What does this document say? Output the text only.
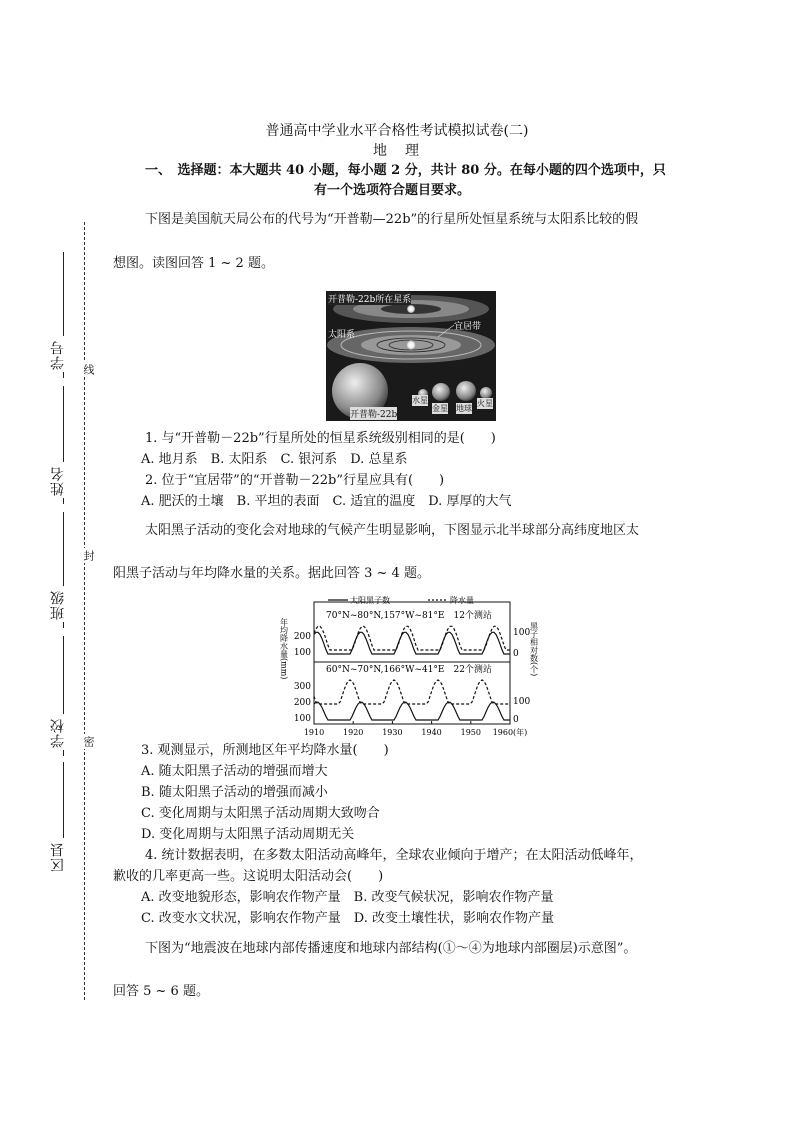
学号
姓名
班级
学校
区县
线
封
密
普通高中学业水平合格性考试模拟试卷(二)
地　理
一、　选择题：本大题共 40 小题，每小题 2 分，共计 80 分。在每小题的四个选项中，只
有一个选项符合题目要求。
下图是美国航天局公布的代号为“开普勒—22b”的行星所处恒星系统与太阳系比较的假
想图。读图回答 1 ~ 2 题。
开普勒-22b所在星系
宜居带
太阳系
开普勒-22b
水星
金星 地球
火星
1. 与“开普勒－22b”行星所处的恒星系统级别相同的是(　　)
A. 地月系　B. 太阳系　C. 银河系　D. 总星系
2. 位于“宜居带”的“开普勒－22b”行星应具有(　　)
A. 肥沃的土壤　B. 平坦的表面　C. 适宜的温度　D. 厚厚的大气
太阳黑子活动的变化会对地球的气候产生明显影响，下图显示北半球部分高纬度地区太
阳黑子活动与年均降水量的关系。据此回答 3 ~ 4 题。
太阳黑子数	降水量
70°N~80°N,157°W~81°E　12个测站
60°N~70°N,166°W~41°E　22个测站
200
100
300
200
100
100
0
100
0
年均降水量(mm)	黑子相对数(个)
1910 1920 1930 1940 1950 1960(年)
3. 观测显示，所测地区年平均降水量(　　)
A. 随太阳黑子活动的增强而增大
B. 随太阳黑子活动的增强而减小
C. 变化周期与太阳黑子活动周期大致吻合
D. 变化周期与太阳黑子活动周期无关
4. 统计数据表明，在多数太阳活动高峰年，全球农业倾向于增产；在太阳活动低峰年，
歉收的几率更高一些。这说明太阳活动会(　　)
A. 改变地貌形态，影响农作物产量　B. 改变气候状况，影响农作物产量
C. 改变水文状况，影响农作物产量　D. 改变土壤性状，影响农作物产量
下图为“地震波在地球内部传播速度和地球内部结构(①～④为地球内部圈层)示意图”。
回答 5 ~ 6 题。
